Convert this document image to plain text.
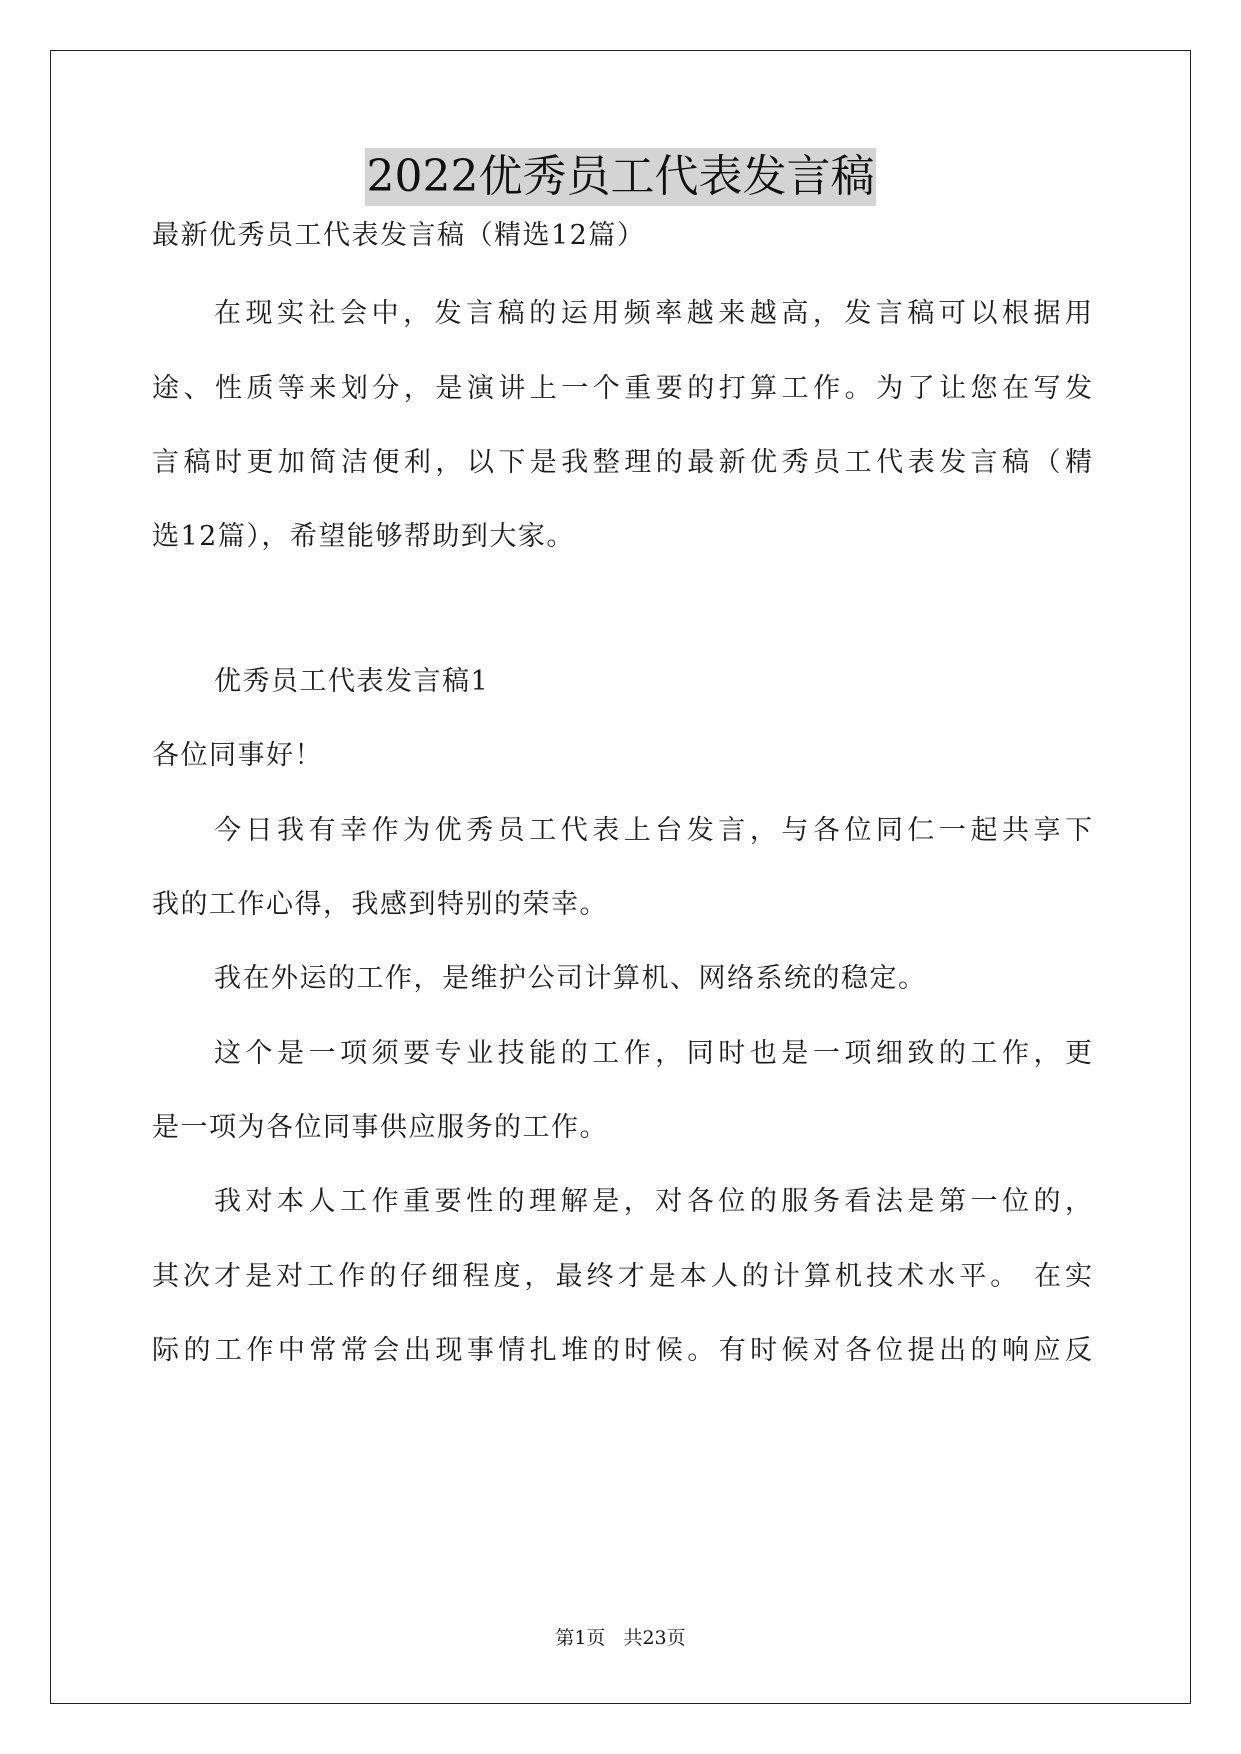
2022优秀员工代表发言稿
最新优秀员工代表发言稿（精选12篇）
在现实社会中，发言稿的运用频率越来越高，发言稿可以根据用
途、性质等来划分，是演讲上一个重要的打算工作。为了让您在写发
言稿时更加简洁便利，以下是我整理的最新优秀员工代表发言稿（精
选12篇），希望能够帮助到大家。
优秀员工代表发言稿1
各位同事好！
今日我有幸作为优秀员工代表上台发言，与各位同仁一起共享下
我的工作心得，我感到特别的荣幸。
我在外运的工作，是维护公司计算机、网络系统的稳定。
这个是一项须要专业技能的工作，同时也是一项细致的工作，更
是一项为各位同事供应服务的工作。
我对本人工作重要性的理解是，对各位的服务看法是第一位的，
其次才是对工作的仔细程度，最终才是本人的计算机技术水平。 在实
际的工作中常常会出现事情扎堆的时候。有时候对各位提出的响应反
第1页 共23页
